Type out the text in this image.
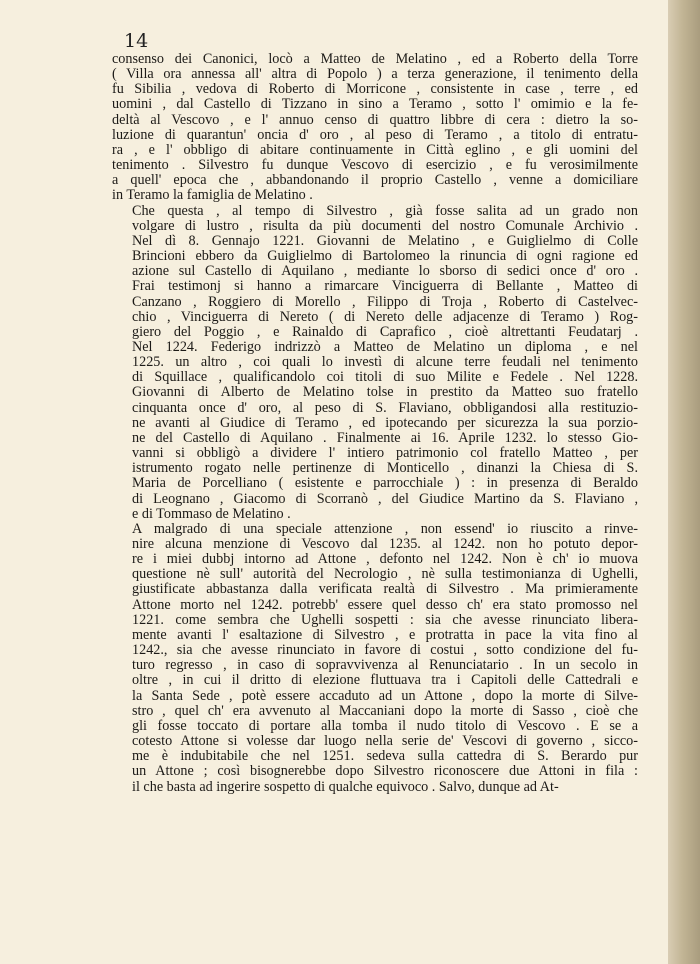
14

consenso dei Canonici, locò a Matteo de Melatino , ed a Roberto della Torre
( Villa ora annessa all' altra di Popolo ) a terza generazione, il tenimento della
fu Sibilia , vedova di Roberto di Morricone , consistente in case , terre , ed
uomini , dal Castello di Tizzano in sino a Teramo , sotto l' omimio e la fe-
deltà al Vescovo , e l' annuo censo di quattro libbre di cera : dietro la so-
luzione di quarantun' oncia d' oro , al peso di Teramo , a titolo di entratu-
ra , e l' obbligo di abitare continuamente in Città eglino , e gli uomini del
tenimento . Silvestro fu dunque Vescovo di esercizio , e fu verosimilmente
a quell' epoca che , abbandonando il proprio Castello , venne a domiciliare
in Teramo la famiglia de Melatino .

Che questa , al tempo di Silvestro , già fosse salita ad un grado non
volgare di lustro , risulta da più documenti del nostro Comunale Archivio .
Nel dì 8. Gennajo 1221. Giovanni de Melatino , e Guiglielmo di Colle
Brincioni ebbero da Guiglielmo di Bartolomeo la rinuncia di ogni ragione ed
azione sul Castello di Aquilano , mediante lo sborso di sedici once d' oro .
Frai testimonj si hanno a rimarcare Vinciguerra di Bellante , Matteo di
Canzano , Roggiero di Morello , Filippo di Troja , Roberto di Castelvec-
chio , Vinciguerra di Nereto ( di Nereto delle adjacenze di Teramo ) Rog-
giero del Poggio , e Rainaldo di Caprafico , cioè altrettanti Feudatarj .
Nel 1224. Federigo indrizzò a Matteo de Melatino un diploma , e nel
1225. un altro , coi quali lo investì di alcune terre feudali nel tenimento
di Squillace , qualificandolo coi titoli di suo Milite e Fedele . Nel 1228.
Giovanni di Alberto de Melatino tolse in prestito da Matteo suo fratello
cinquanta once d' oro, al peso di S. Flaviano, obbligandosi alla restituzio-
ne avanti al Giudice di Teramo , ed ipotecando per sicurezza la sua porzio-
ne del Castello di Aquilano . Finalmente ai 16. Aprile 1232. lo stesso Gio-
vanni si obbligò a dividere l' intiero patrimonio col fratello Matteo , per
istrumento rogato nelle pertinenze di Monticello , dinanzi la Chiesa di S.
Maria de Porcelliano ( esistente e parrocchiale ) : in presenza di Beraldo
di Leognano , Giacomo di Scorranò , del Giudice Martino da S. Flaviano ,
e di Tommaso de Melatino .

A malgrado di una speciale attenzione , non essend' io riuscito a rinve-
nire alcuna menzione di Vescovo dal 1235. al 1242. non ho potuto depor-
re i miei dubbj intorno ad Attone , defonto nel 1242. Non è ch' io muova
questione nè sull' autorità del Necrologio , nè sulla testimonianza di Ughelli,
giustificate abbastanza dalla verificata realtà di Silvestro . Ma primieramente
Attone morto nel 1242. potrebb' essere quel desso ch' era stato promosso nel
1221. come sembra che Ughelli sospetti : sia che avesse rinunciato libera-
mente avanti l' esaltazione di Silvestro , e protratta in pace la vita fino al
1242., sia che avesse rinunciato in favore di costui , sotto condizione del fu-
turo regresso , in caso di sopravvivenza al Renunciatario . In un secolo in
oltre , in cui il dritto di elezione fluttuava tra i Capitoli delle Cattedrali e
la Santa Sede , potè essere accaduto ad un Attone , dopo la morte di Silve-
stro , quel ch' era avvenuto al Maccaniani dopo la morte di Sasso , cioè che
gli fosse toccato di portare alla tomba il nudo titolo di Vescovo . E se a
cotesto Attone si volesse dar luogo nella serie de' Vescovi di governo , sicco-
me è indubitabile che nel 1251. sedeva sulla cattedra di S. Berardo pur
un Attone ; così bisognerebbe dopo Silvestro riconoscere due Attoni in fila :
il che basta ad ingerire sospetto di qualche equivoco . Salvo, dunque ad At-
